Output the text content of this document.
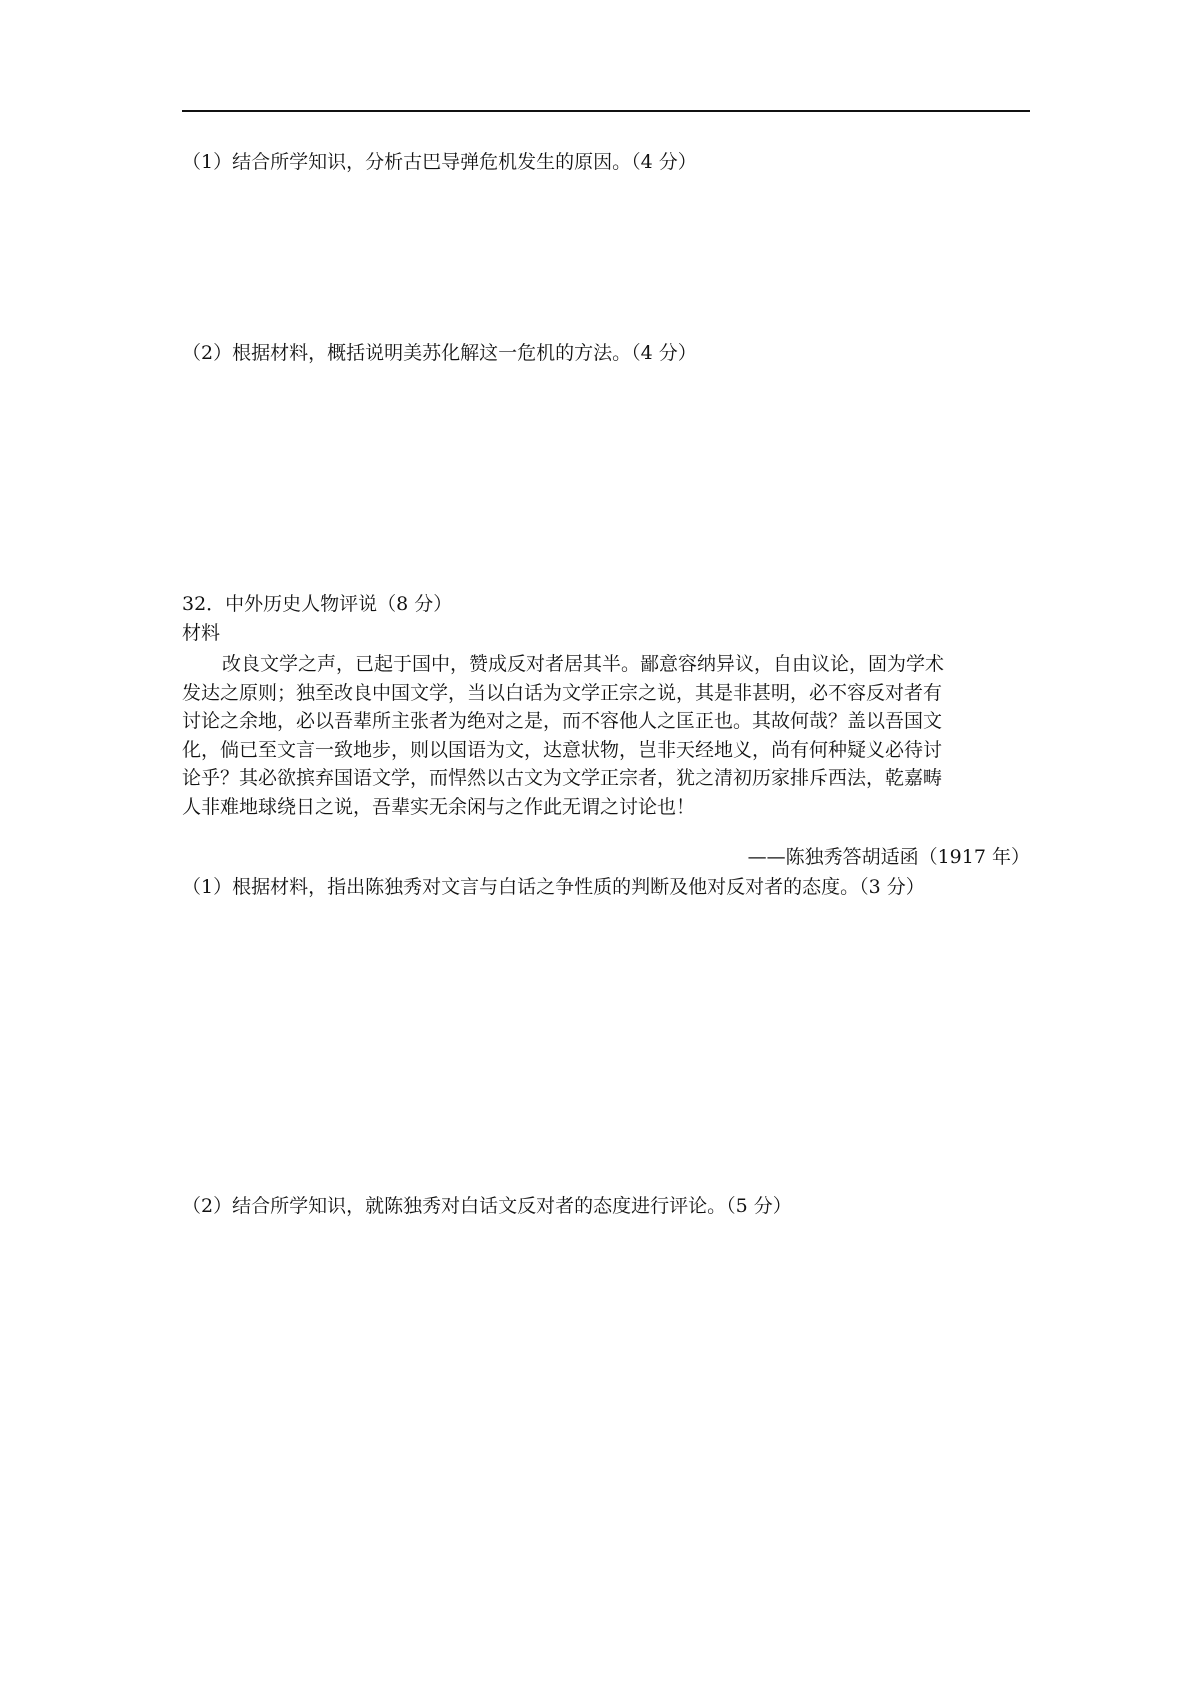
（1）结合所学知识，分析古巴导弹危机发生的原因。（4 分）
（2）根据材料，概括说明美苏化解这一危机的方法。（4 分）
32．中外历史人物评说（8 分）
材料
改良文学之声，已起于国中，赞成反对者居其半。鄙意容纳异议，自由议论，固为学术
发达之原则；独至改良中国文学，当以白话为文学正宗之说，其是非甚明，必不容反对者有
讨论之余地，必以吾辈所主张者为绝对之是，而不容他人之匡正也。其故何哉？盖以吾国文
化，倘已至文言一致地步，则以国语为文，达意状物，岂非天经地义，尚有何种疑义必待讨
论乎？其必欲摈弃国语文学，而悍然以古文为文学正宗者，犹之清初历家排斥西法，乾嘉畴
人非难地球绕日之说，吾辈实无余闲与之作此无谓之讨论也！
——陈独秀答胡适函（1917 年）
（1）根据材料，指出陈独秀对文言与白话之争性质的判断及他对反对者的态度。（3 分）
（2）结合所学知识，就陈独秀对白话文反对者的态度进行评论。（5 分）
